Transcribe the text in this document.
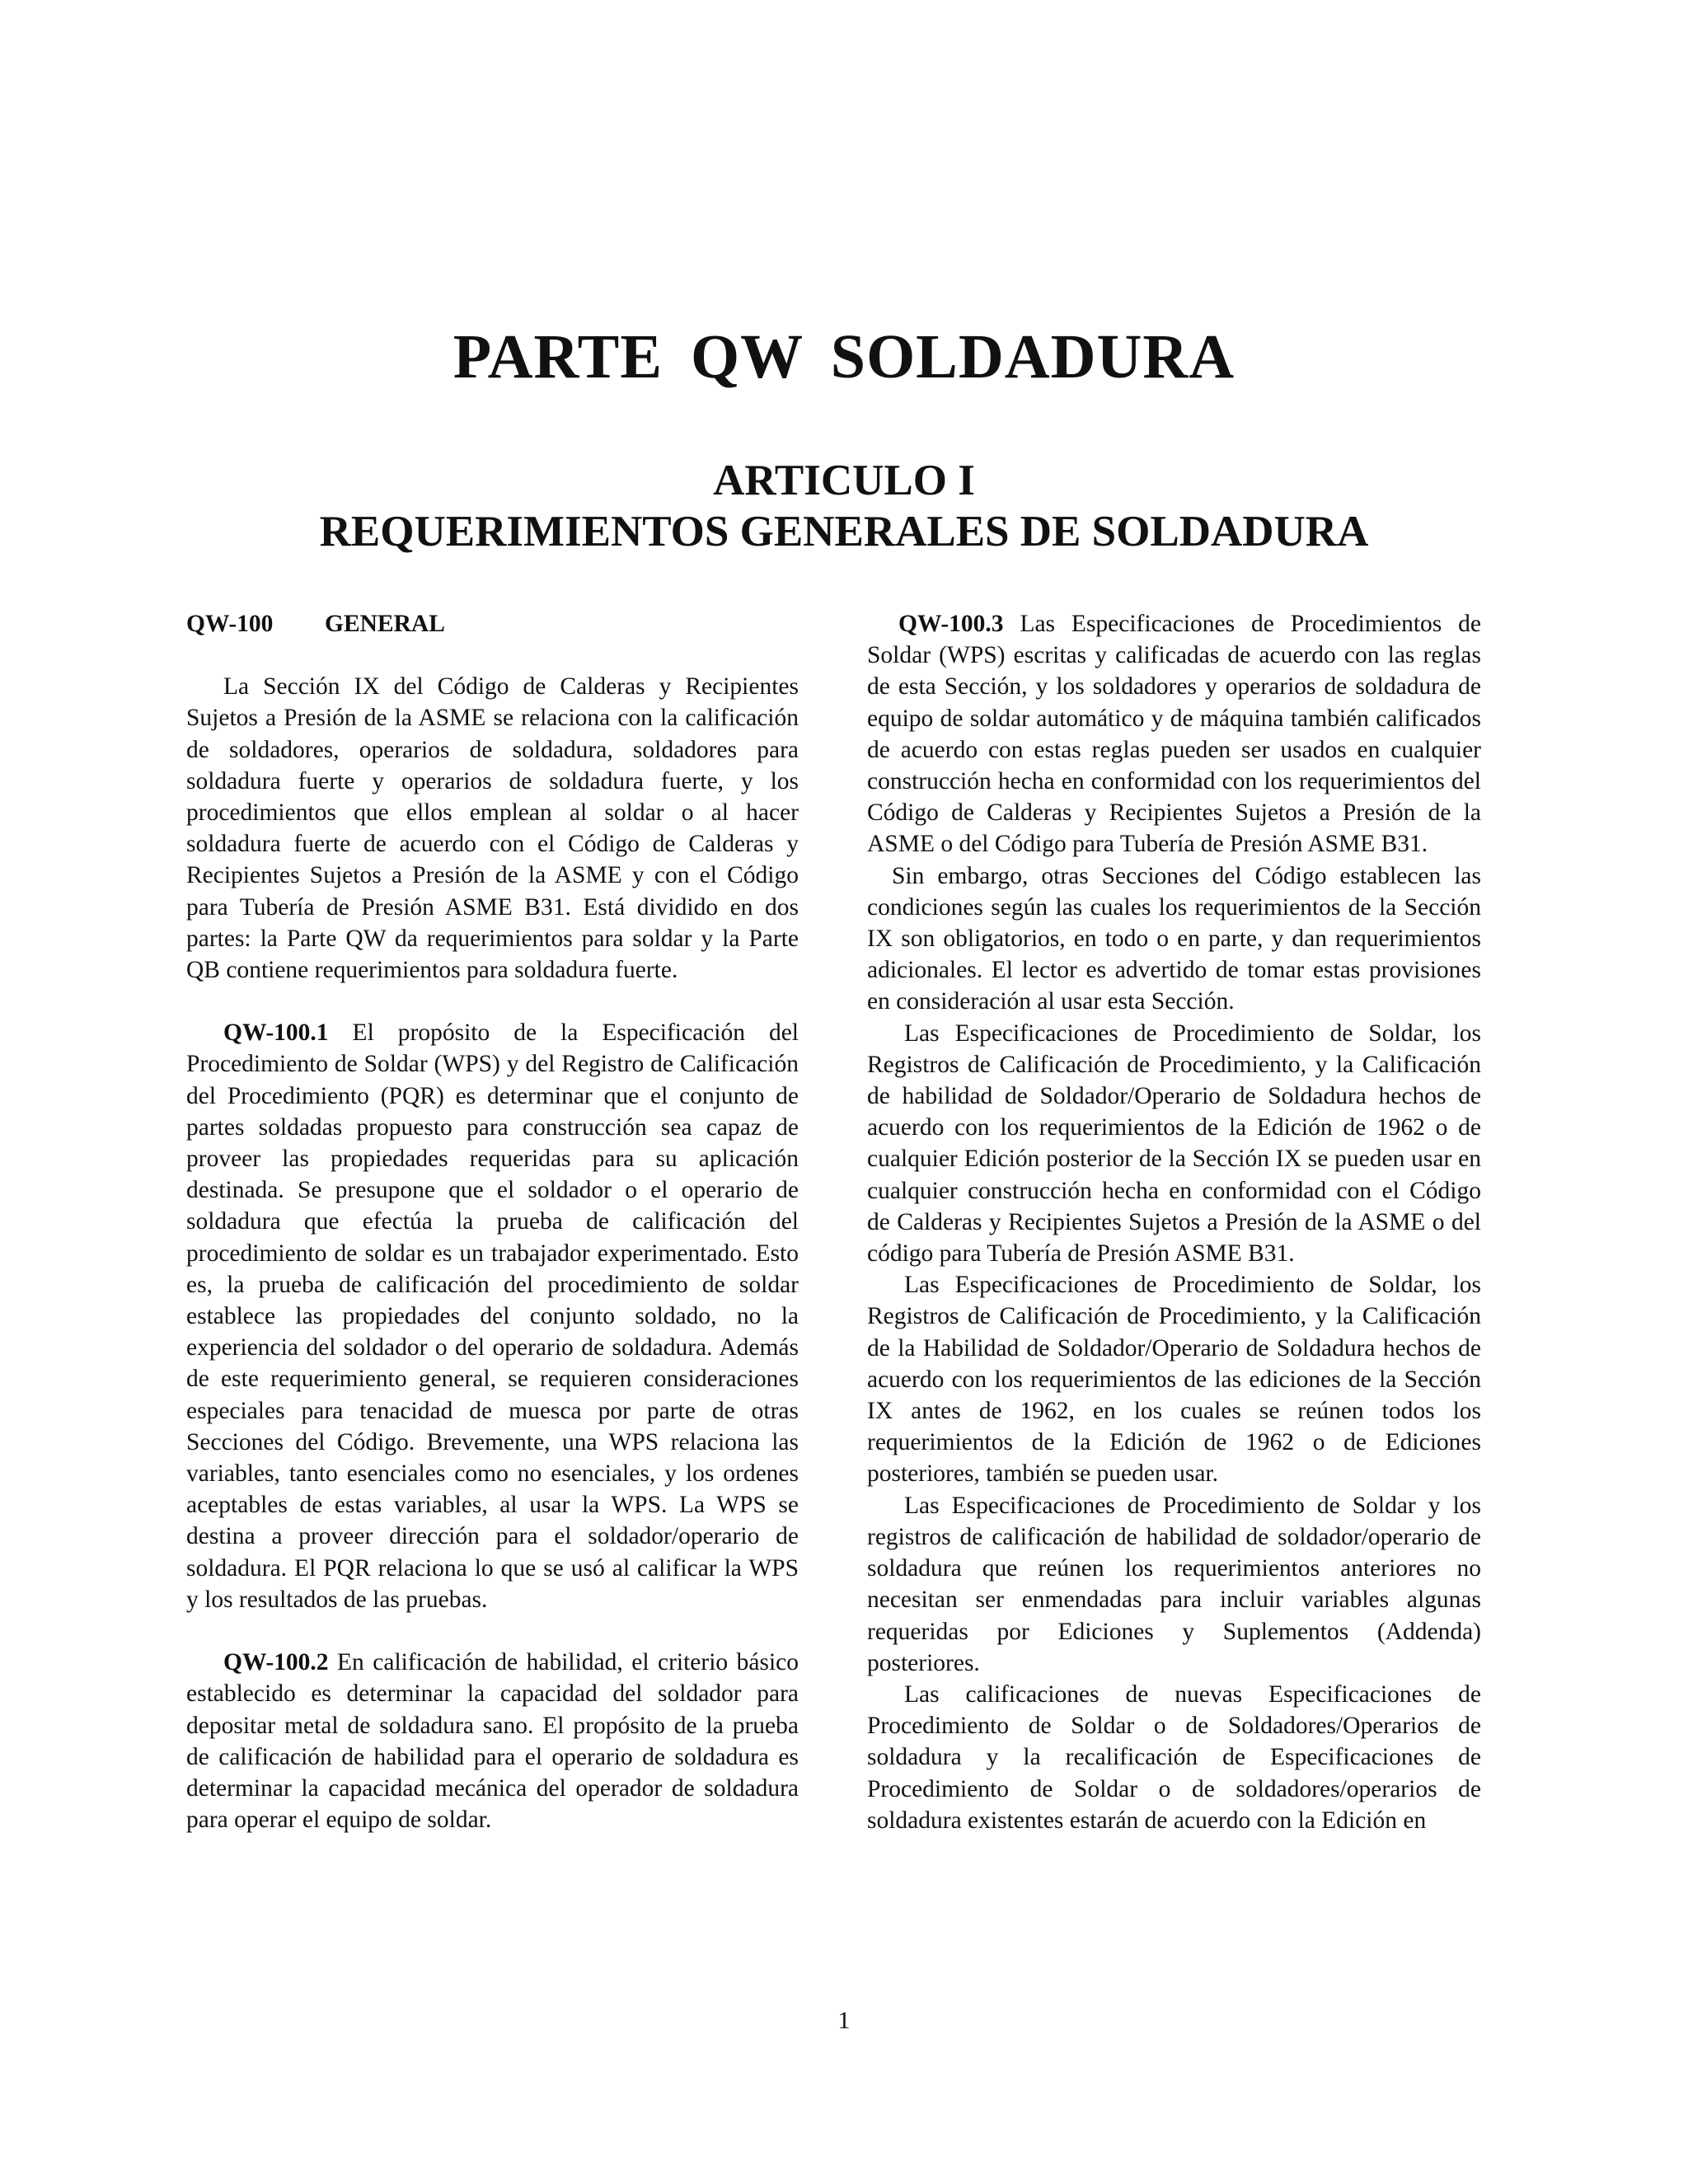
PARTE QW SOLDADURA
ARTICULO I
REQUERIMIENTOS GENERALES DE SOLDADURA
QW-100 GENERAL

La Sección IX del Código de Calderas y Recipientes Sujetos a Presión de la ASME se relaciona con la calificación de soldadores, operarios de soldadura, soldadores para soldadura fuerte y operarios de soldadura fuerte, y los procedimientos que ellos emplean al soldar o al hacer soldadura fuerte de acuerdo con el Código de Calderas y Recipientes Sujetos a Presión de la ASME y con el Código para Tubería de Presión ASME B31. Está dividido en dos partes: la Parte QW da requerimientos para soldar y la Parte QB contiene requerimientos para soldadura fuerte.

QW-100.1 El propósito de la Especificación del Procedimiento de Soldar (WPS) y del Registro de Calificación del Procedimiento (PQR) es determinar que el conjunto de partes soldadas propuesto para construcción sea capaz de proveer las propiedades requeridas para su aplicación destinada. Se presupone que el soldador o el operario de soldadura que efectúa la prueba de calificación del procedimiento de soldar es un trabajador experimentado. Esto es, la prueba de calificación del procedimiento de soldar establece las propiedades del conjunto soldado, no la experiencia del soldador o del operario de soldadura. Además de este requerimiento general, se requieren consideraciones especiales para tenacidad de muesca por parte de otras Secciones del Código. Brevemente, una WPS relaciona las variables, tanto esenciales como no esenciales, y los ordenes aceptables de estas variables, al usar la WPS. La WPS se destina a proveer dirección para el soldador/operario de soldadura. El PQR relaciona lo que se usó al calificar la WPS y los resultados de las pruebas.

QW-100.2 En calificación de habilidad, el criterio básico establecido es determinar la capacidad del soldador para depositar metal de soldadura sano. El propósito de la prueba de calificación de habilidad para el operario de soldadura es determinar la capacidad mecánica del operador de soldadura para operar el equipo de soldar.

QW-100.3 Las Especificaciones de Procedimientos de Soldar (WPS) escritas y calificadas de acuerdo con las reglas de esta Sección, y los soldadores y operarios de soldadura de equipo de soldar automático y de máquina también calificados de acuerdo con estas reglas pueden ser usados en cualquier construcción hecha en conformidad con los requerimientos del Código de Calderas y Recipientes Sujetos a Presión de la ASME o del Código para Tubería de Presión ASME B31.

Sin embargo, otras Secciones del Código establecen las condiciones según las cuales los requerimientos de la Sección IX son obligatorios, en todo o en parte, y dan requerimientos adicionales. El lector es advertido de tomar estas provisiones en consideración al usar esta Sección.

Las Especificaciones de Procedimiento de Soldar, los Registros de Calificación de Procedimiento, y la Calificación de habilidad de Soldador/Operario de Soldadura hechos de acuerdo con los requerimientos de la Edición de 1962 o de cualquier Edición posterior de la Sección IX se pueden usar en cualquier construcción hecha en conformidad con el Código de Calderas y Recipientes Sujetos a Presión de la ASME o del código para Tubería de Presión ASME B31.

Las Especificaciones de Procedimiento de Soldar, los Registros de Calificación de Procedimiento, y la Calificación de la Habilidad de Soldador/Operario de Soldadura hechos de acuerdo con los requerimientos de las ediciones de la Sección IX antes de 1962, en los cuales se reúnen todos los requerimientos de la Edición de 1962 o de Ediciones posteriores, también se pueden usar.

Las Especificaciones de Procedimiento de Soldar y los registros de calificación de habilidad de soldador/operario de soldadura que reúnen los requerimientos anteriores no necesitan ser enmendadas para incluir variables algunas requeridas por Ediciones y Suplementos (Addenda) posteriores.

Las calificaciones de nuevas Especificaciones de Procedimiento de Soldar o de Soldadores/Operarios de soldadura y la recalificación de Especificaciones de Procedimiento de Soldar o de soldadores/operarios de soldadura existentes estarán de acuerdo con la Edición en

1
